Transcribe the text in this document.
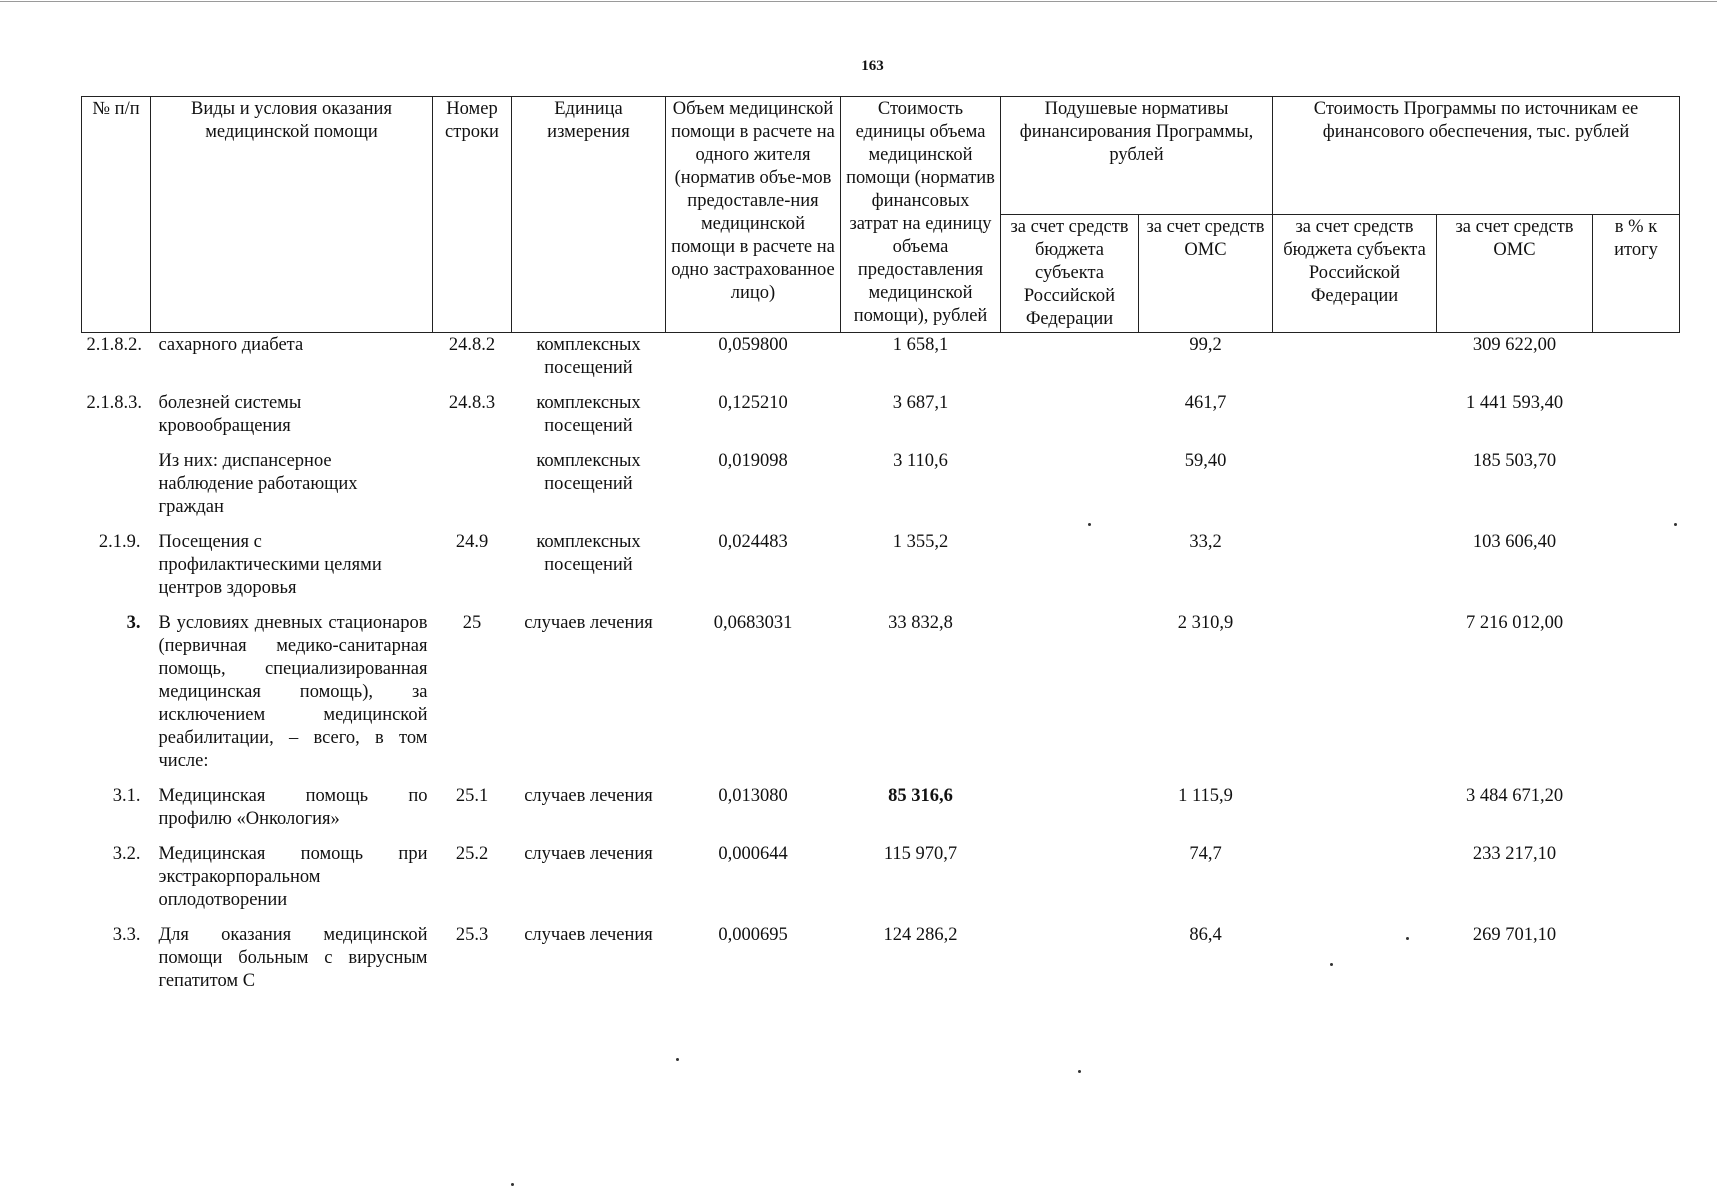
163
№ п/п	Виды и условия оказания медицинской помощи	Номер строки	Единица измерения	Объем медицинской помощи в расчете на одного жителя (норматив объе-мов предоставле-ния медицинской помощи в расчете на одно застрахованное лицо)	Стоимость единицы объема медицинской помощи (норматив финансовых затрат на единицу объема предоставления медицинской помощи), рублей	Подушевые нормативы финансирования Программы, рублей		Стоимость Программы по источникам ее финансового обеспечения, тыс. рублей		
						за счет средств бюджета субъекта Российской Федерации	за счет средств ОМС	за счет средств бюджета субъекта Российской Федерации	за счет средств ОМС	в % к итогу
2.1.8.2.	сахарного диабета	24.8.2	комплексных посещений	0,059800	1 658,1		99,2		309 622,00	
2.1.8.3.	болезней системы кровообращения	24.8.3	комплексных посещений	0,125210	3 687,1		461,7		1 441 593,40	
	Из них: диспансерное наблюдение работающих граждан		комплексных посещений	0,019098	3 110,6		59,40		185 503,70	
2.1.9.	Посещения с профилактическими целями центров здоровья	24.9	комплексных посещений	0,024483	1 355,2		33,2		103 606,40	
3.	В условиях дневных стационаров (первичная медико-санитарная помощь, специализированная медицинская помощь), за исключением медицинской реабилитации, – всего, в том числе:	25	случаев лечения	0,0683031	33 832,8		2 310,9		7 216 012,00	
3.1.	Медицинская помощь по профилю «Онкология»	25.1	случаев лечения	0,013080	85 316,6		1 115,9		3 484 671,20	
3.2.	Медицинская помощь при экстракорпоральном оплодотворении	25.2	случаев лечения	0,000644	115 970,7		74,7		233 217,10	
3.3.	Для оказания медицинской помощи больным с вирусным гепатитом С	25.3	случаев лечения	0,000695	124 286,2		86,4		269 701,10	
